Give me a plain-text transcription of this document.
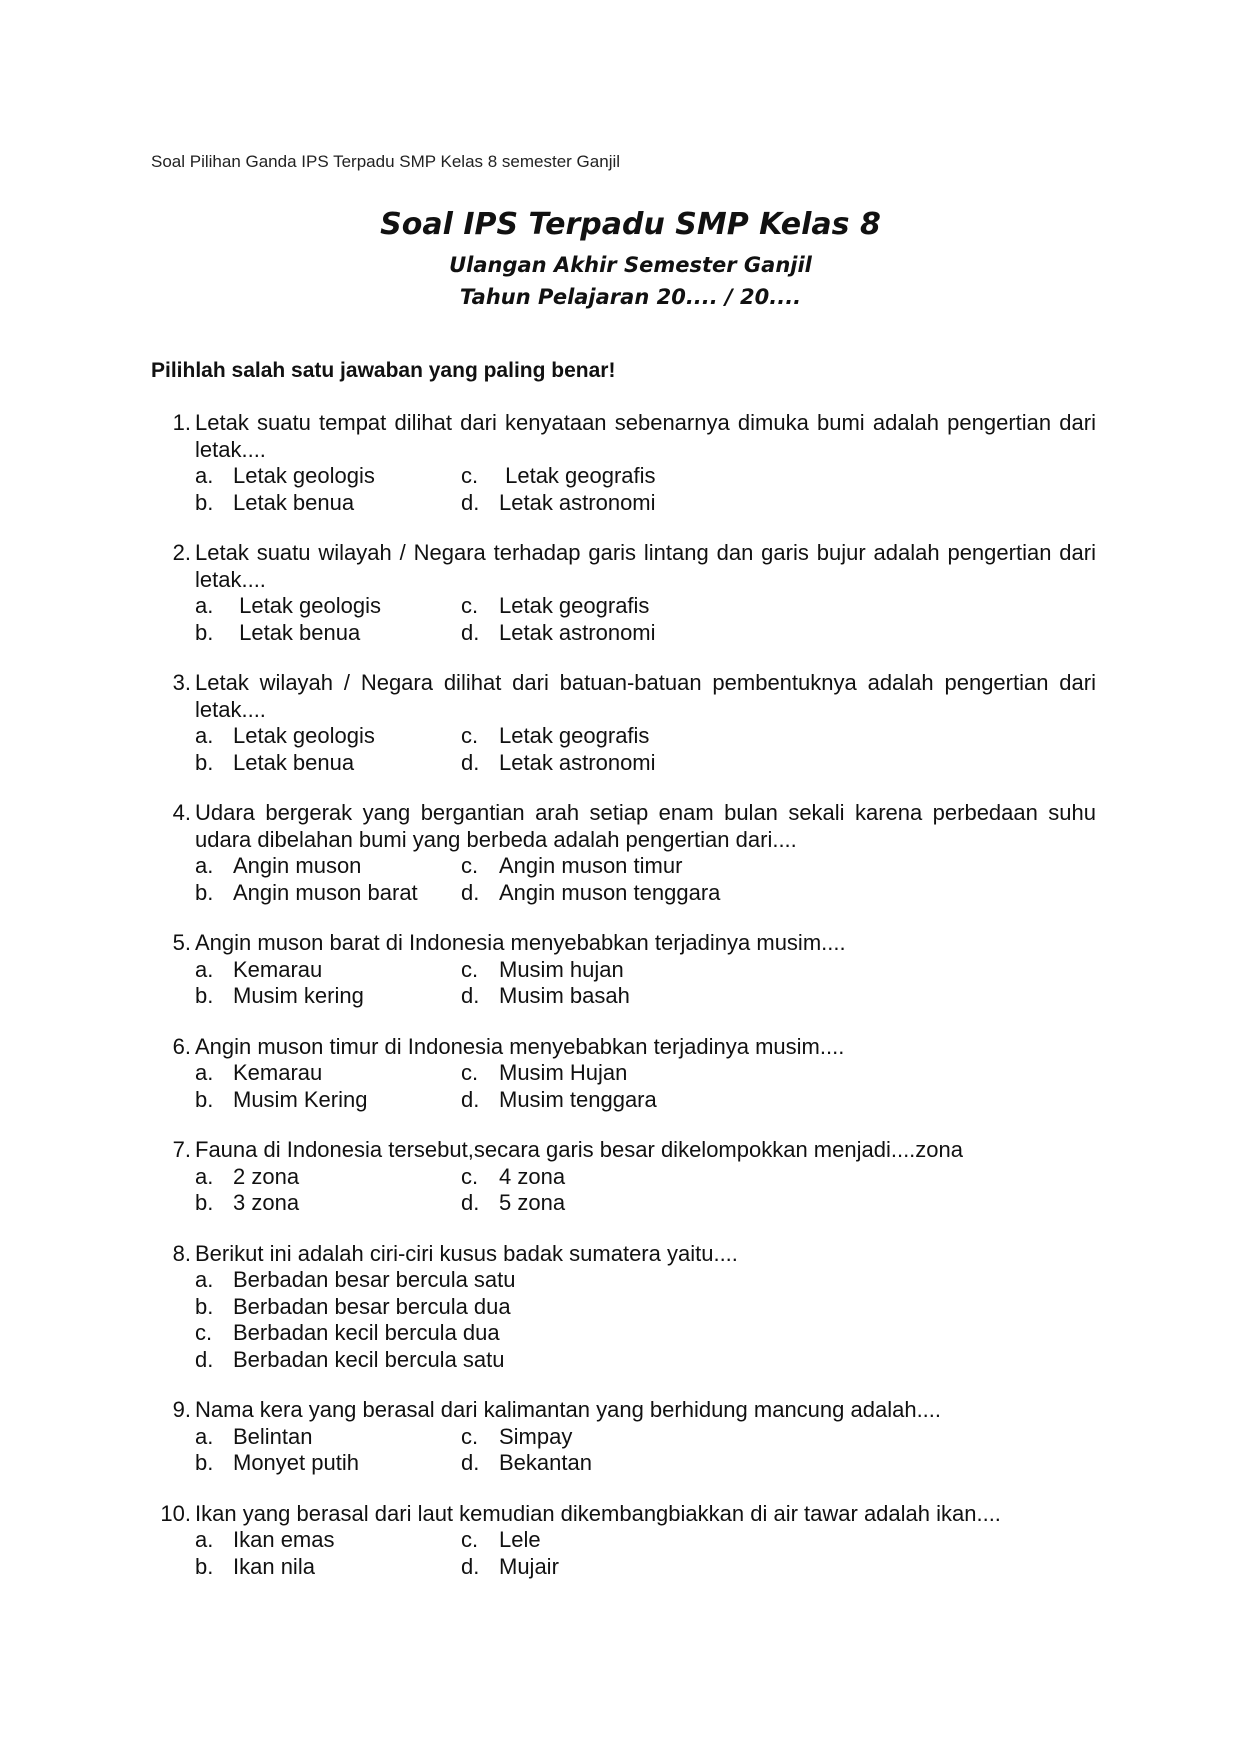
Soal Pilihan Ganda IPS Terpadu SMP Kelas 8 semester Ganjil
Soal IPS Terpadu SMP Kelas 8
Ulangan Akhir Semester Ganjil
Tahun Pelajaran 20.... / 20....
Pilihlah salah satu jawaban yang paling benar!
1. Letak suatu tempat dilihat dari kenyataan sebenarnya dimuka bumi adalah pengertian dari letak....
a. Letak geologis	c. Letak geografis
b. Letak benua	d. Letak astronomi
2. Letak suatu wilayah / Negara terhadap garis lintang dan garis bujur adalah pengertian dari letak....
a. Letak geologis	c. Letak geografis
b. Letak benua	d. Letak astronomi
3. Letak wilayah / Negara dilihat dari batuan-batuan pembentuknya adalah pengertian dari letak....
a. Letak geologis	c. Letak geografis
b. Letak benua	d. Letak astronomi
4. Udara bergerak yang bergantian arah setiap enam bulan sekali karena perbedaan suhu udara dibelahan bumi yang berbeda adalah pengertian dari....
a. Angin muson	c. Angin muson timur
b. Angin muson barat	d. Angin muson tenggara
5. Angin muson barat di Indonesia menyebabkan terjadinya musim....
a. Kemarau	c. Musim hujan
b. Musim kering	d. Musim basah
6. Angin muson timur di Indonesia menyebabkan terjadinya musim....
a. Kemarau	c. Musim Hujan
b. Musim Kering	d. Musim tenggara
7. Fauna di Indonesia tersebut,secara garis besar dikelompokkan menjadi....zona
a. 2 zona	c. 4 zona
b. 3 zona	d. 5 zona
8. Berikut ini adalah ciri-ciri kusus badak sumatera yaitu....
a. Berbadan besar bercula satu
b. Berbadan besar bercula dua
c. Berbadan kecil bercula dua
d. Berbadan kecil bercula satu
9. Nama kera yang berasal dari kalimantan yang berhidung mancung adalah....
a. Belintan	c. Simpay
b. Monyet putih	d. Bekantan
10. Ikan yang berasal dari laut kemudian dikembangbiakkan di air tawar adalah ikan....
a. Ikan emas	c. Lele
b. Ikan nila	d. Mujair
